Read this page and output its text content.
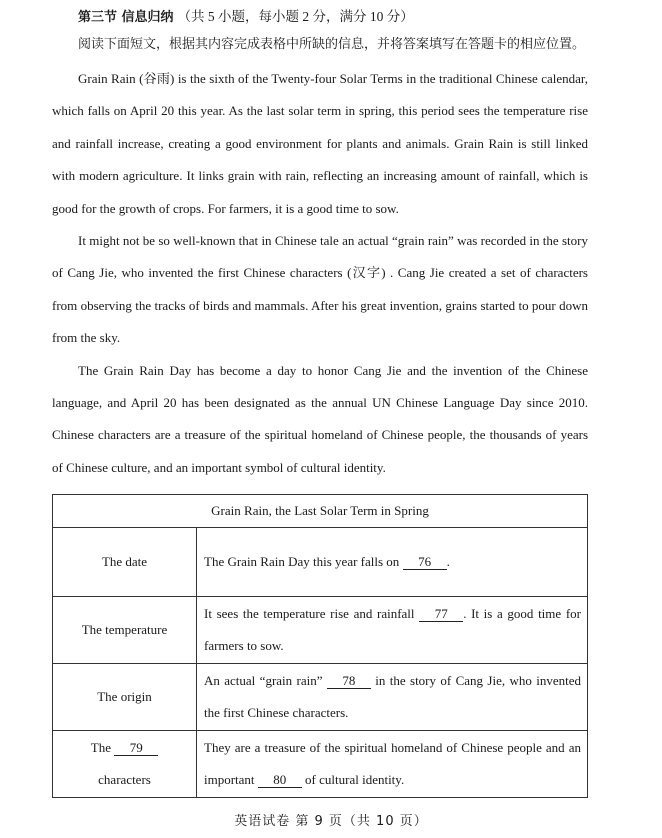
第三节 信息归纳 （共 5 小题，每小题 2 分，满分 10 分）
阅读下面短文，根据其内容完成表格中所缺的信息，并将答案填写在答题卡的相应位置。

Grain Rain (谷雨) is the sixth of the Twenty-four Solar Terms in the traditional Chinese calendar, which falls on April 20 this year. As the last solar term in spring, this period sees the temperature rise and rainfall increase, creating a good environment for plants and animals. Grain Rain is still linked with modern agriculture. It links grain with rain, reflecting an increasing amount of rainfall, which is good for the growth of crops. For farmers, it is a good time to sow.

It might not be so well-known that in Chinese tale an actual “grain rain” was recorded in the story of Cang Jie, who invented the first Chinese characters (汉字) . Cang Jie created a set of characters from observing the tracks of birds and mammals. After his great invention, grains started to pour down from the sky.

The Grain Rain Day has become a day to honor Cang Jie and the invention of the Chinese language, and April 20 has been designated as the annual UN Chinese Language Day since 2010. Chinese characters are a treasure of the spiritual homeland of Chinese people, the thousands of years of Chinese culture, and an important symbol of cultural identity.

Grain Rain, the Last Solar Term in Spring	
The date	The Grain Rain Day this year falls on 76 .
The temperature	It sees the temperature rise and rainfall 77 . It is a good time for farmers to sow.
The origin	An actual “grain rain” 78 in the story of Cang Jie, who invented the first Chinese characters.
The 79
characters	They are a treasure of the spiritual homeland of Chinese people and an important 80 of cultural identity.
英语试卷 第 9 页（共 10 页）
